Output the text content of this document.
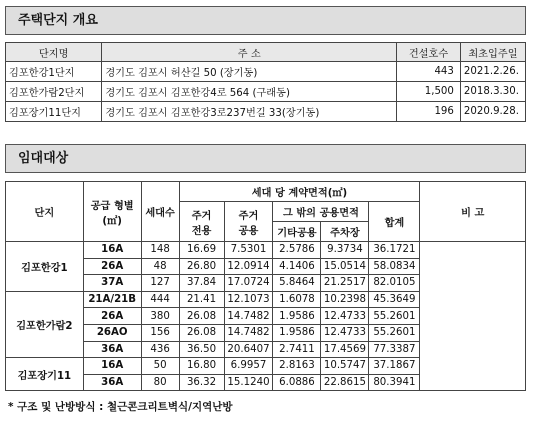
주택단지 개요
단지명	주 소	건설호수	최초입주일
김포한강1단지	경기도 김포시 허산길 50 (장기동)	443	2021.2.26.
김포한가람2단지	경기도 김포시 김포한강4로 564 (구래동)	1,500	2018.3.30.
김포장기11단지	경기도 김포시 김포한강3로237번길 33(장기동)	196	2020.9.28.
임대대상
단지	공급 형별
(㎡)	세대수	세대 당 계약면적(㎡)					비 고
			주거 전용	주거 공용	그 밖의 공용면적		합계	
					기타공용	주차장		
김포한강1	16A	148	16.69	7.5301	2.5786	9.3734	36.1721	
	26A	48	26.80	12.0914	4.1406	15.0514	58.0834	
	37A	127	37.84	17.0724	5.8464	21.2517	82.0105	
김포한가람2	21A/21B	444	21.41	12.1073	1.6078	10.2398	45.3649	
	26A	380	26.08	14.7482	1.9586	12.4733	55.2601	
	26AO	156	26.08	14.7482	1.9586	12.4733	55.2601	
	36A	436	36.50	20.6407	2.7411	17.4569	77.3387	
김포장기11	16A	50	16.80	6.9957	2.8163	10.5747	37.1867	
	36A	80	36.32	15.1240	6.0886	22.8615	80.3941	
* 구조 및 난방방식 : 철근콘크리트벽식/지역난방
